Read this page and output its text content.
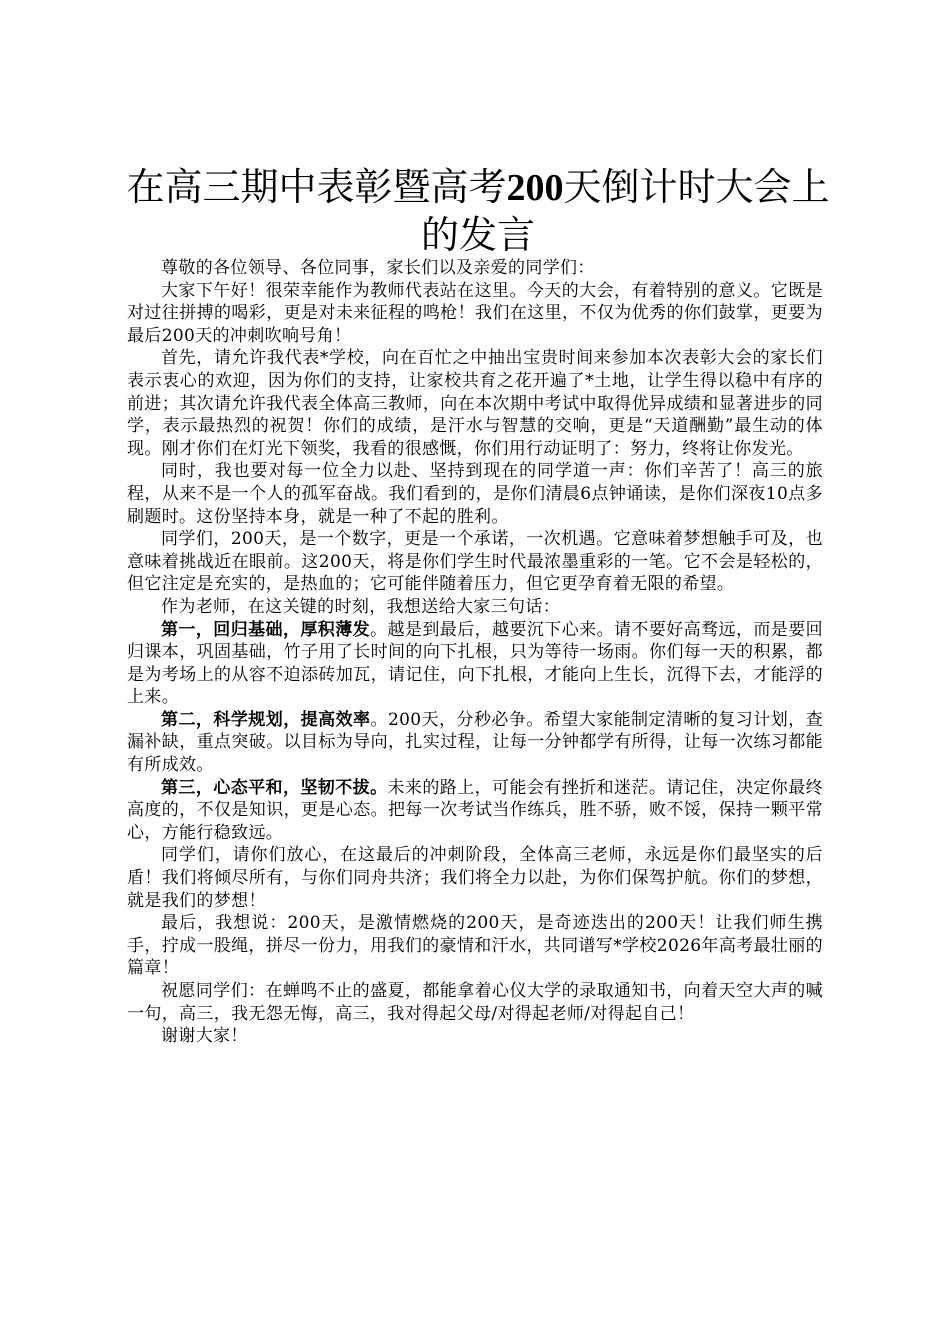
在高三期中表彰暨高考200天倒计时大会上的发言

尊敬的各位领导、各位同事，家长们以及亲爱的同学们：

大家下午好！很荣幸能作为教师代表站在这里。今天的大会，有着特别的意义。它既是对过往拼搏的喝彩，更是对未来征程的鸣枪！我们在这里，不仅为优秀的你们鼓掌，更要为最后200天的冲刺吹响号角！

首先，请允许我代表*学校，向在百忙之中抽出宝贵时间来参加本次表彰大会的家长们表示衷心的欢迎，因为你们的支持，让家校共育之花开遍了*土地，让学生得以稳中有序的前进；其次请允许我代表全体高三教师，向在本次期中考试中取得优异成绩和显著进步的同学，表示最热烈的祝贺！你们的成绩，是汗水与智慧的交响，更是“天道酬勤”最生动的体现。刚才你们在灯光下领奖，我看的很感慨，你们用行动证明了：努力，终将让你发光。

同时，我也要对每一位全力以赴、坚持到现在的同学道一声：你们辛苦了！高三的旅程，从来不是一个人的孤军奋战。我们看到的，是你们清晨6点钟诵读，是你们深夜10点多刷题时。这份坚持本身，就是一种了不起的胜利。

同学们，200天，是一个数字，更是一个承诺，一次机遇。它意味着梦想触手可及，也意味着挑战近在眼前。这200天，将是你们学生时代最浓墨重彩的一笔。它不会是轻松的，但它注定是充实的，是热血的；它可能伴随着压力，但它更孕育着无限的希望。

作为老师，在这关键的时刻，我想送给大家三句话：

第一，回归基础，厚积薄发。越是到最后，越要沉下心来。请不要好高骛远，而是要回归课本，巩固基础，竹子用了长时间的向下扎根，只为等待一场雨。你们每一天的积累，都是为考场上的从容不迫添砖加瓦，请记住，向下扎根，才能向上生长，沉得下去，才能浮的上来。

第二，科学规划，提高效率。200天，分秒必争。希望大家能制定清晰的复习计划，查漏补缺，重点突破。以目标为导向，扎实过程，让每一分钟都学有所得，让每一次练习都能有所成效。

第三，心态平和，坚韧不拔。未来的路上，可能会有挫折和迷茫。请记住，决定你最终高度的，不仅是知识，更是心态。把每一次考试当作练兵，胜不骄，败不馁，保持一颗平常心，方能行稳致远。

同学们，请你们放心，在这最后的冲刺阶段，全体高三老师，永远是你们最坚实的后盾！我们将倾尽所有，与你们同舟共济；我们将全力以赴，为你们保驾护航。你们的梦想，就是我们的梦想！

最后，我想说：200天，是激情燃烧的200天，是奇迹迭出的200天！让我们师生携手，拧成一股绳，拼尽一份力，用我们的豪情和汗水，共同谱写*学校2026年高考最壮丽的篇章！

祝愿同学们：在蝉鸣不止的盛夏，都能拿着心仪大学的录取通知书，向着天空大声的喊一句，高三，我无怨无悔，高三，我对得起父母/对得起老师/对得起自己！

谢谢大家！
